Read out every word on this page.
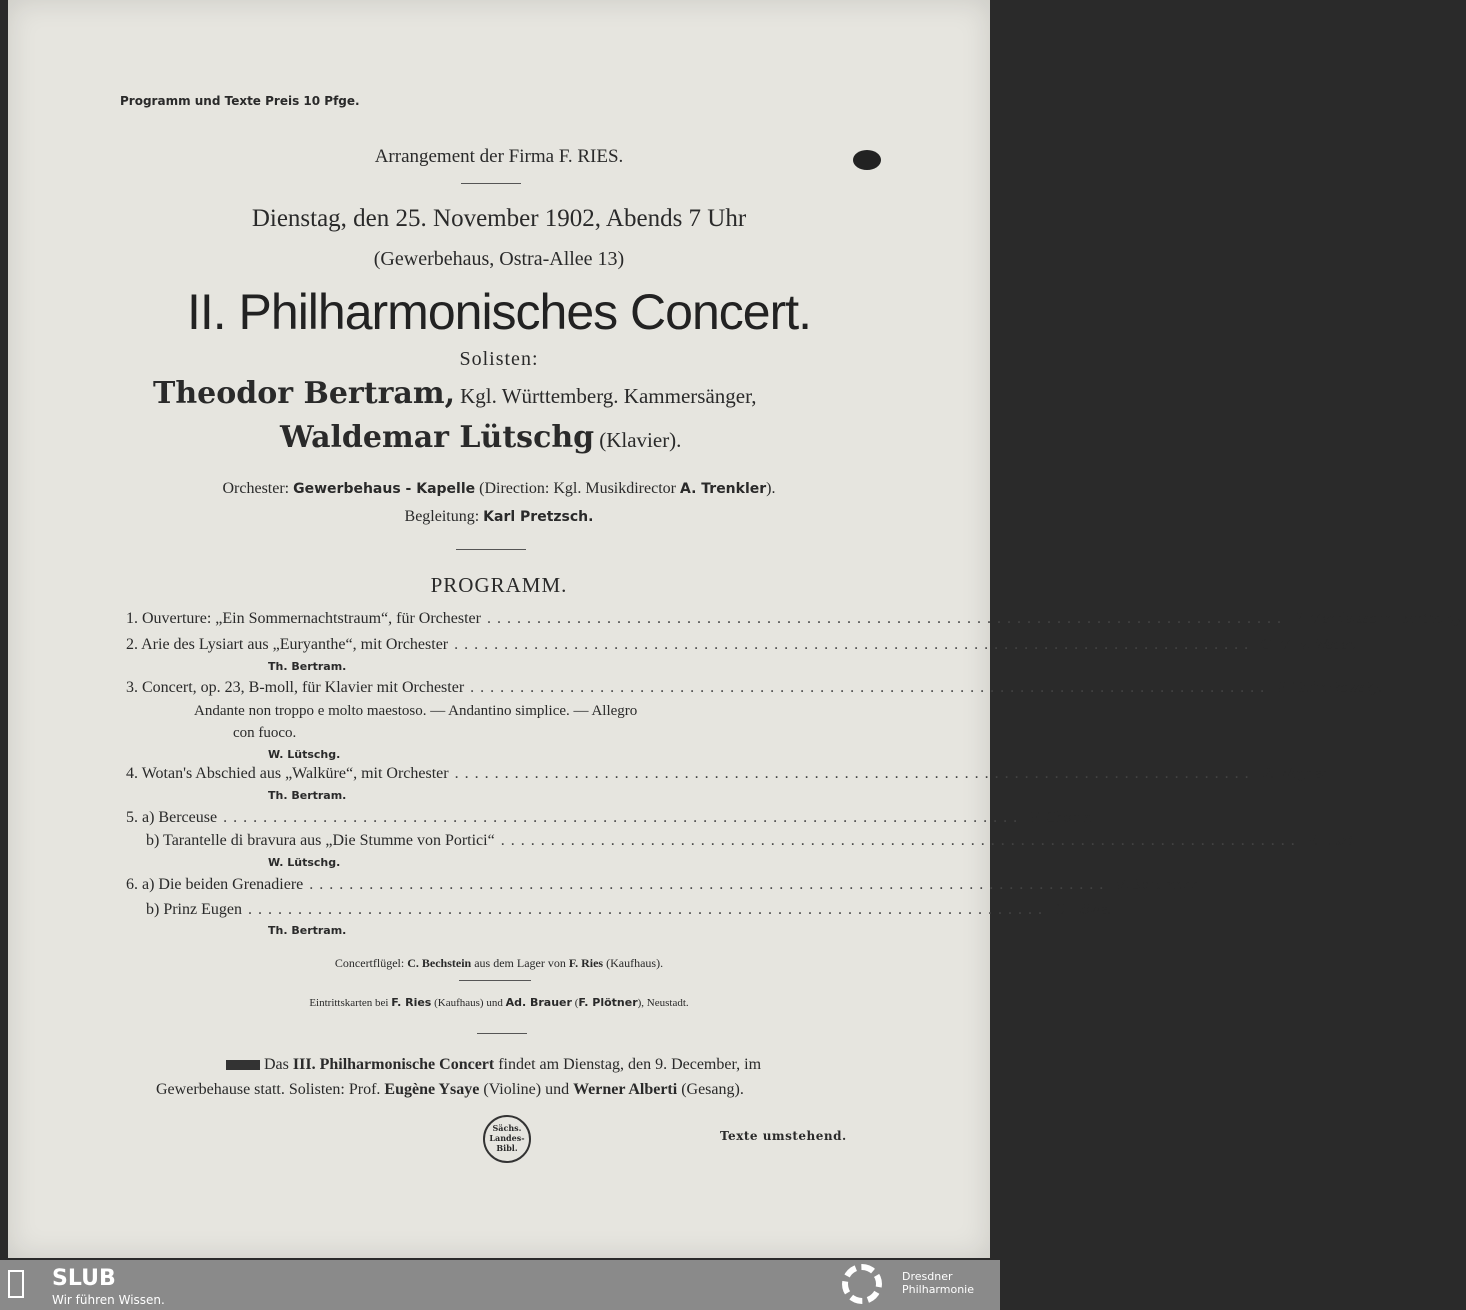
Programm und Texte Preis 10 Pfge.
Arrangement der Firma F. RIES.
Dienstag, den 25. November 1902, Abends 7 Uhr
(Gewerbehaus, Ostra-Allee 13)
II. Philharmonisches Concert.
Solisten:
Theodor Bertram, Kgl. Württemberg. Kammersänger,
Waldemar Lütschg (Klavier).
Orchester: Gewerbehaus - Kapelle (Direction: Kgl. Musikdirector A. Trenkler).
Begleitung: Karl Pretzsch.
PROGRAMM.
1. Ouverture: „Ein Sommernachtstraum“, für Orchester ................................................................................ F. Mendelssohn-Bartholdy.
2. Arie des Lysiart aus „Euryanthe“, mit Orchester ................................................................................ C. M. v. Weber.
Th. Bertram.
3. Concert, op. 23, B-moll, für Klavier mit Orchester ................................................................................ P. Tschaikowsky.
Andante non troppo e molto maestoso. — Andantino simplice. — Allegro
con fuoco.
W. Lütschg.
4. Wotan's Abschied aus „Walküre“, mit Orchester ................................................................................ R. Wagner.
Th. Bertram.
5. a) Berceuse ................................................................................ F. Chopin.
b) Tarantelle di bravura aus „Die Stumme von Portici“ ................................................................................ F. Liszt.
W. Lütschg.
6. a) Die beiden Grenadiere ................................................................................ R. Schumann.
b) Prinz Eugen ................................................................................ C. Löwe.
Th. Bertram.
Concertflügel: C. Bechstein aus dem Lager von F. Ries (Kaufhaus).
Eintrittskarten bei F. Ries (Kaufhaus) und Ad. Brauer (F. Plötner), Neustadt.
Das III. Philharmonische Concert findet am Dienstag, den 9. December, im
Gewerbehause statt. Solisten: Prof. Eugène Ysaye (Violine) und Werner Alberti (Gesang).
Sächs.
Landes-
Bibl.
Texte umstehend.
SLUB
Wir führen Wissen.
Dresdner
Philharmonie
